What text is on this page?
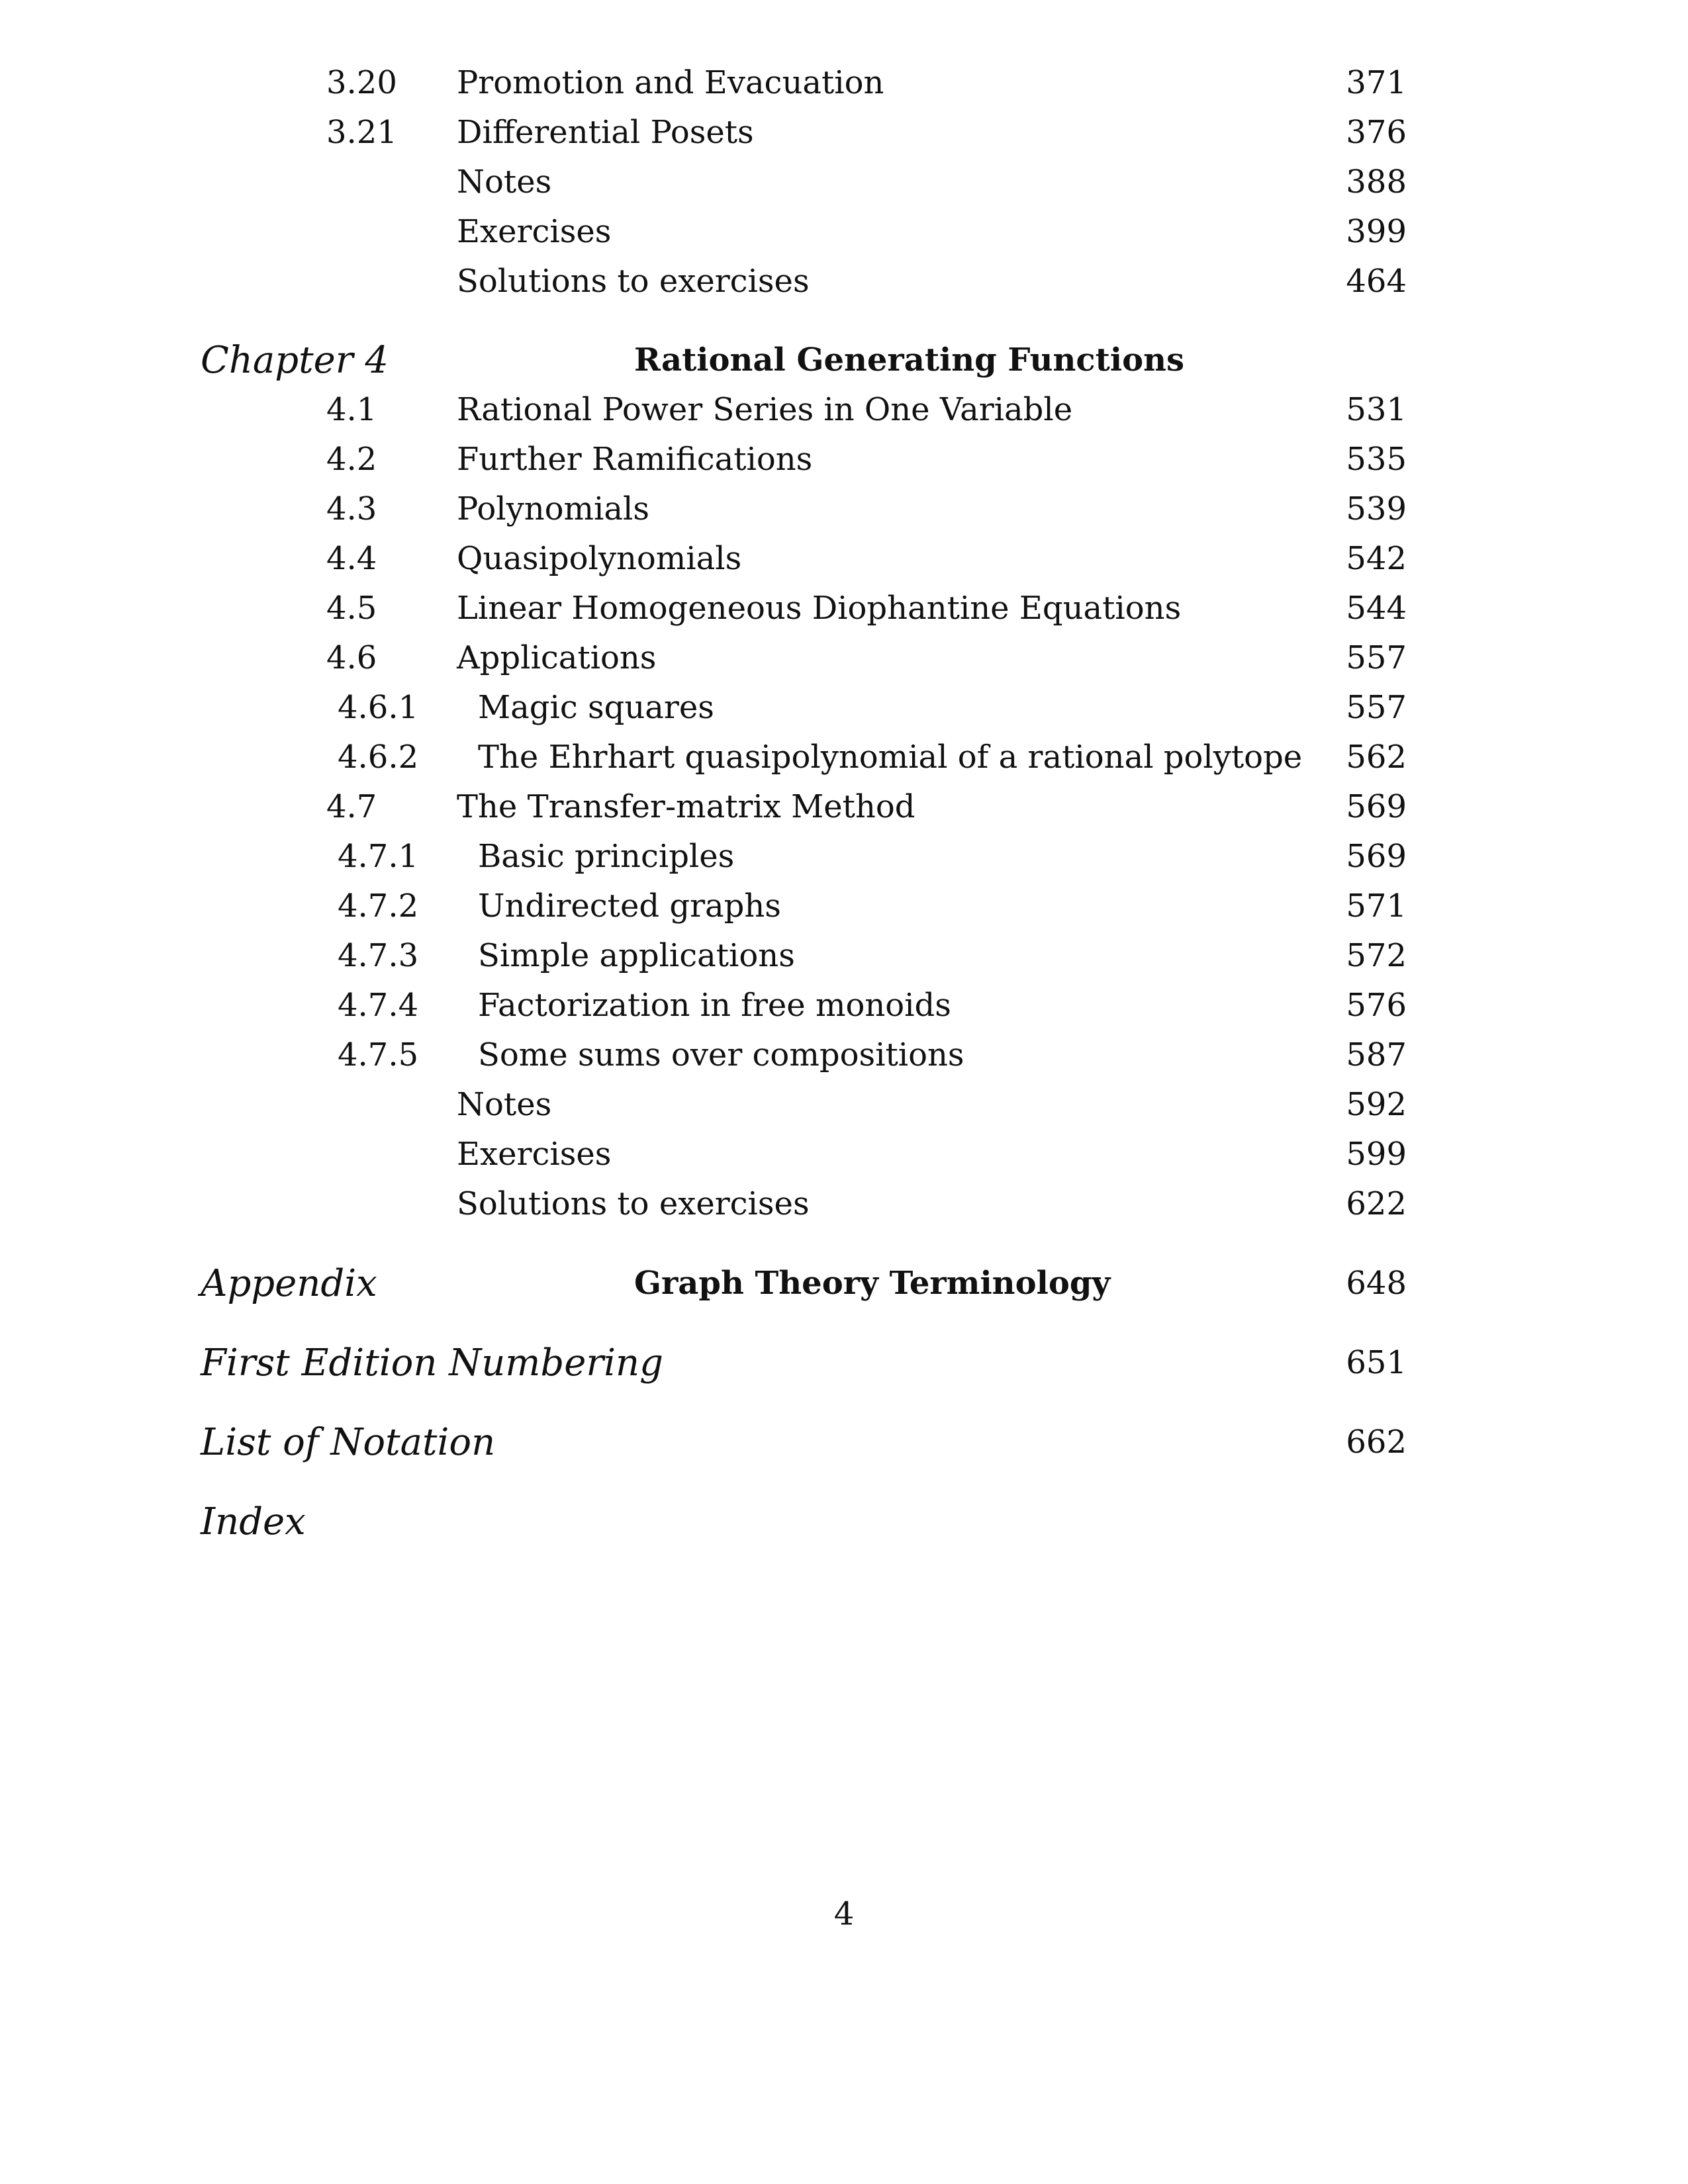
3.20 Promotion and Evacuation	371
3.21 Differential Posets	376
Notes	388
Exercises	399
Solutions to exercises	464
Chapter 4	Rational Generating Functions
4.1	Rational Power Series in One Variable	531
4.2	Further Ramifications	535
4.3	Polynomials	539
4.4	Quasipolynomials	542
4.5	Linear Homogeneous Diophantine Equations	544
4.6	Applications	557
4.6.1 Magic squares	557
4.6.2 The Ehrhart quasipolynomial of a rational polytope 562
4.7	The Transfer-matrix Method	569
4.7.1 Basic principles	569
4.7.2 Undirected graphs	571
4.7.3 Simple applications	572
4.7.4 Factorization in free monoids	576
4.7.5 Some sums over compositions	587
Notes	592
Exercises	599
Solutions to exercises	622
Appendix	Graph Theory Terminology	648
First Edition Numbering	651
List of Notation	662
Index
4
